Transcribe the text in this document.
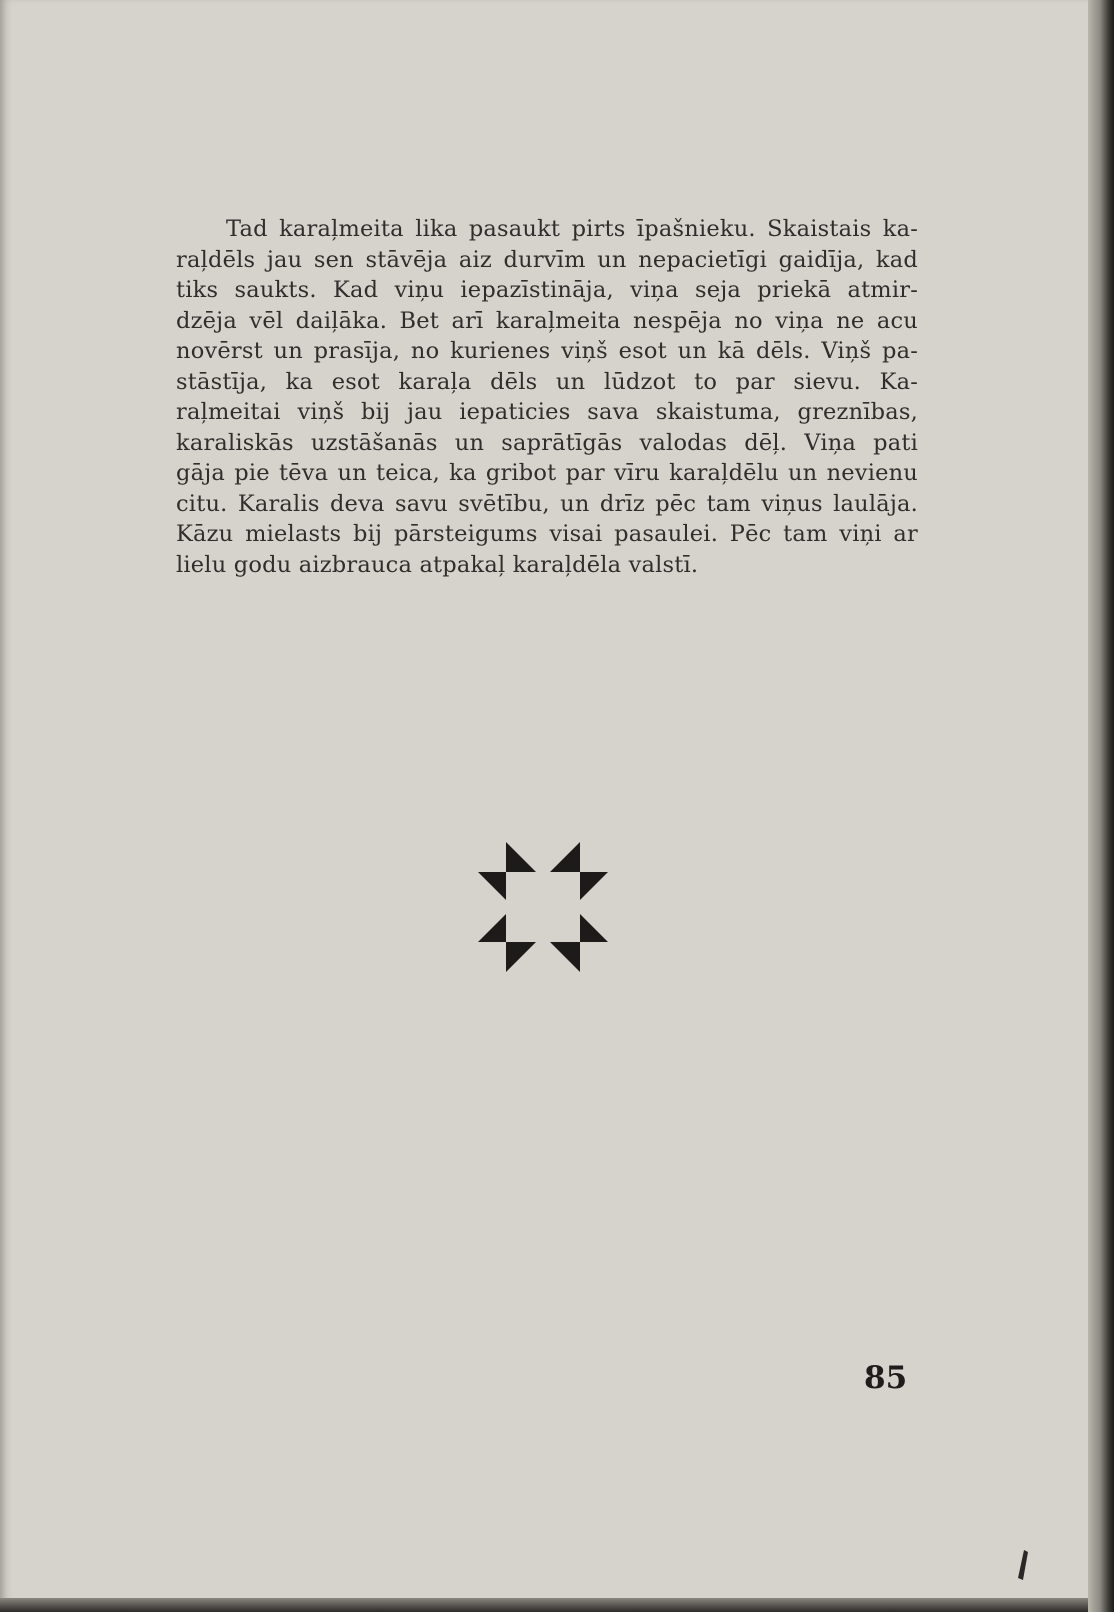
Tad karaļmeita lika pasaukt pirts īpašnieku. Skaistais ka-
raļdēls jau sen stāvēja aiz durvīm un nepacietīgi gaidīja, kad
tiks saukts. Kad viņu iepazīstināja, viņa seja priekā atmir-
dzēja vēl daiļāka. Bet arī karaļmeita nespēja no viņa ne acu
novērst un prasīja, no kurienes viņš esot un kā dēls. Viņš pa-
stāstīja, ka esot karaļa dēls un lūdzot to par sievu. Ka-
raļmeitai viņš bij jau iepaticies sava skaistuma, greznības,
karaliskās uzstāšanās un saprātīgās valodas dēļ. Viņa pati
gāja pie tēva un teica, ka gribot par vīru karaļdēlu un nevienu
citu. Karalis deva savu svētību, un drīz pēc tam viņus laulāja.
Kāzu mielasts bij pārsteigums visai pasaulei. Pēc tam viņi ar
lielu godu aizbrauca atpakaļ karaļdēla valstī.
85
